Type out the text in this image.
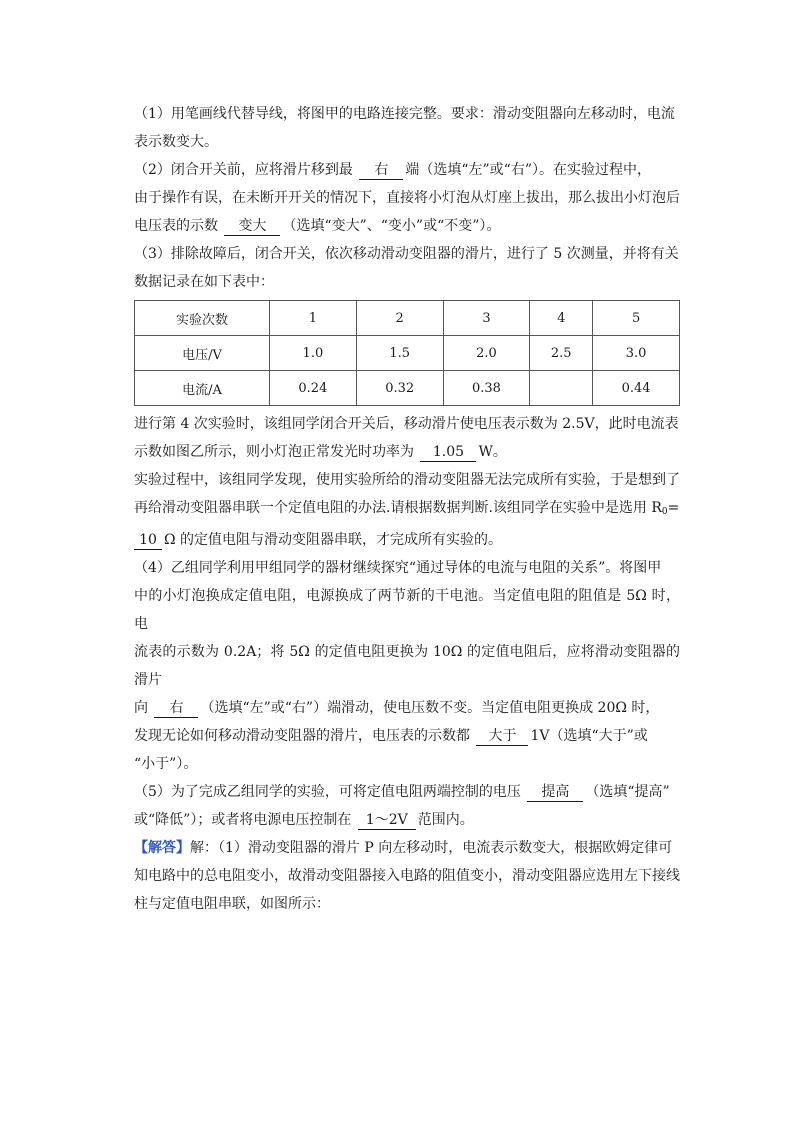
（1）用笔画线代替导线，将图甲的电路连接完整。要求：滑动变阻器向左移动时，电流

表示数变大。

（2）闭合开关前，应将滑片移到最 右 端（选填“左”或“右”）。在实验过程中，

由于操作有误，在未断开开关的情况下，直接将小灯泡从灯座上拔出，那么拔出小灯泡后

电压表的示数 变大 （选填“变大”、“变小”或“不变”）。

（3）排除故障后，闭合开关，依次移动滑动变阻器的滑片，进行了 5 次测量，并将有关

数据记录在如下表中：

实验次数	1	2	3	4	5
电压/V	1.0	1.5	2.0	2.5	3.0
电流/A	0.24	0.32	0.38		0.44

进行第 4 次实验时，该组同学闭合开关后，移动滑片使电压表示数为 2.5V，此时电流表

示数如图乙所示，则小灯泡正常发光时功率为 1.05 W。

实验过程中，该组同学发现，使用实验所给的滑动变阻器无法完成所有实验，于是想到了

再给滑动变阻器串联一个定值电阻的办法.请根据数据判断.该组同学在实验中是选用 R0=

10 Ω 的定值电阻与滑动变阻器串联，才完成所有实验的。

（4）乙组同学利用甲组同学的器材继续探究“通过导体的电流与电阻的关系”。将图甲

中的小灯泡换成定值电阻，电源换成了两节新的干电池。当定值电阻的阻值是 5Ω 时，电

流表的示数为 0.2A；将 5Ω 的定值电阻更换为 10Ω 的定值电阻后，应将滑动变阻器的滑片

向 右 （选填“左”或“右”）端滑动，使电压数不变。当定值电阻更换成 20Ω 时，

发现无论如何移动滑动变阻器的滑片，电压表的示数都 大于 1V（选填“大于”或

“小于”）。

（5）为了完成乙组同学的实验，可将定值电阻两端控制的电压 提高 （选填“提高”

或“降低”）；或者将电源电压控制在 1～2V 范围内。

【解答】解：（1）滑动变阻器的滑片 P 向左移动时，电流表示数变大，根据欧姆定律可

知电路中的总电阻变小，故滑动变阻器接入电路的阻值变小，滑动变阻器应选用左下接线

柱与定值电阻串联，如图所示：
